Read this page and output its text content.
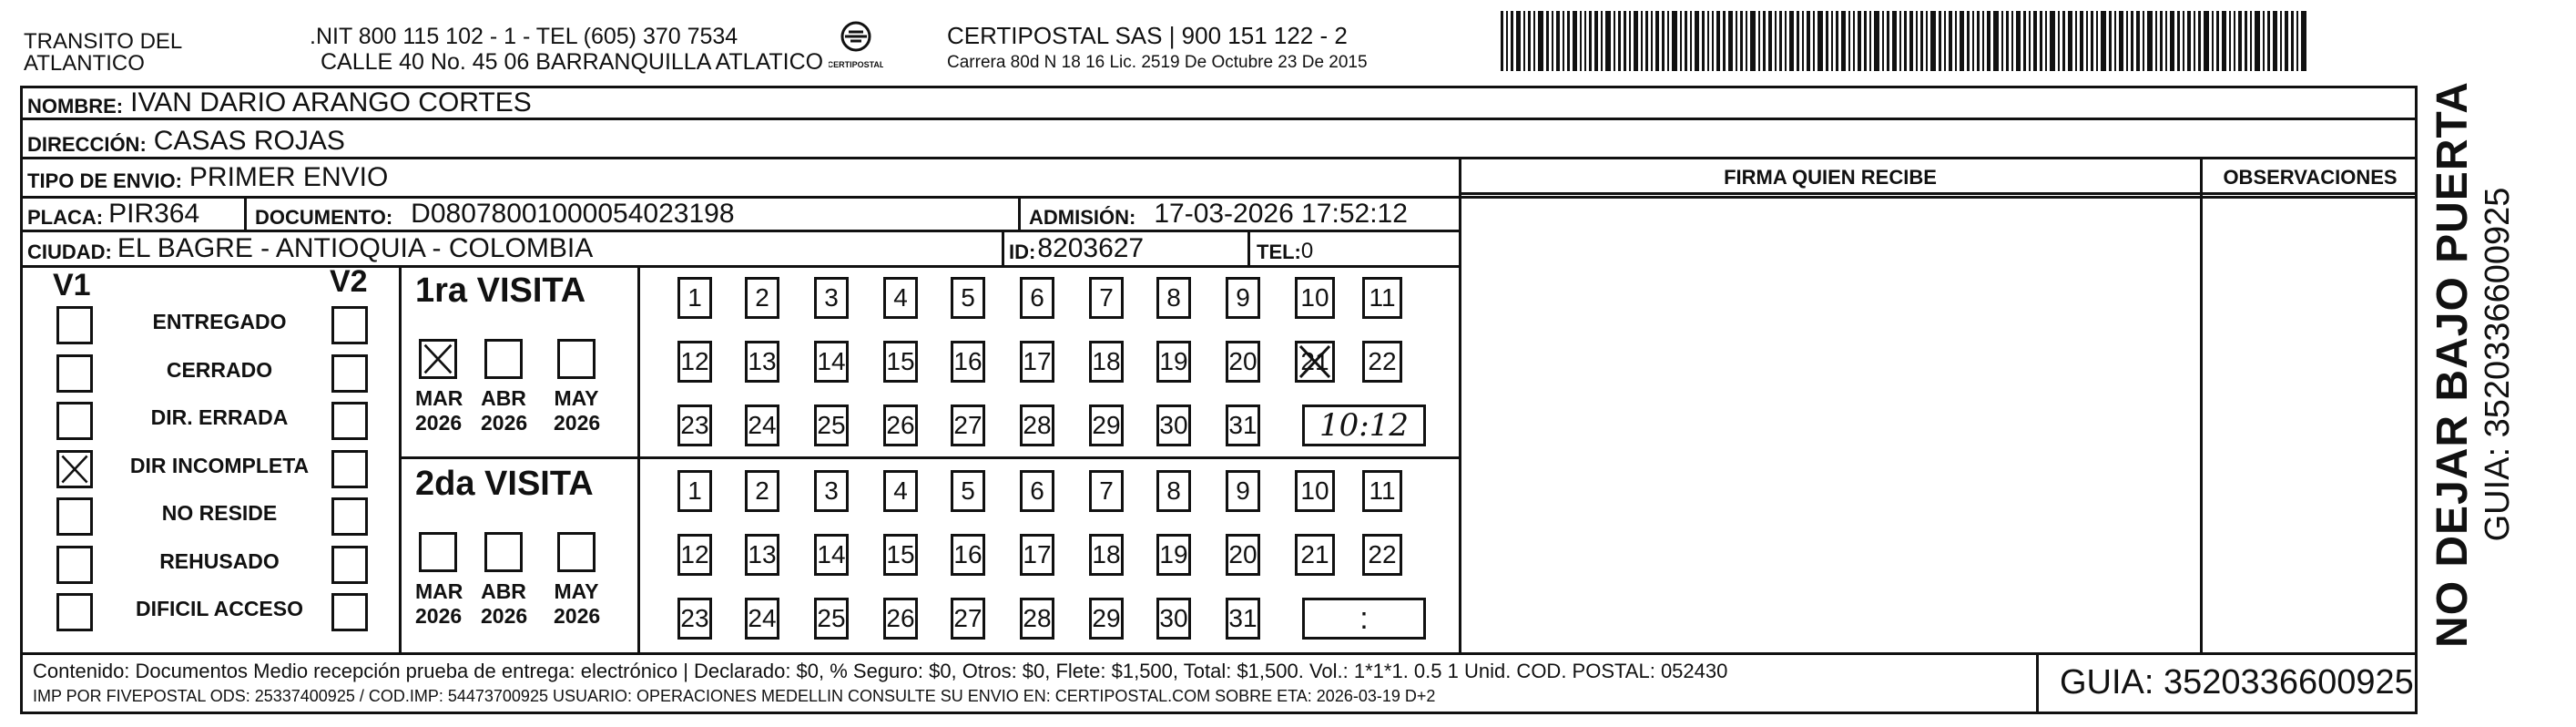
TRANSITO DEL
ATLANTICO
.NIT 800 115 102 - 1 - TEL (605) 370 7534
CALLE 40 No. 45 06 BARRANQUILLA ATLATICO CERTIPOSTAL
CERTIPOSTAL SAS | 900 151 122 - 2
Carrera 80d N 18 16 Lic. 2519 De Octubre 23 De 2015
NOMBRE: IVAN DARIO ARANGO CORTES
DIRECCIÓN: CASAS ROJAS
TIPO DE ENVIO: PRIMER ENVIO
PLACA: PIR364	DOCUMENTO: D08078001000054023198	ADMISIÓN: 17-03-2026 17:52:12
CIUDAD: EL BAGRE - ANTIOQUIA - COLOMBIA	ID: 8203627	TEL: 0
FIRMA QUIEN RECIBE	OBSERVACIONES NO DEJAR BAJO PUERTA GUIA: 3520336600925
V1	V2
ENTREGADO
CERRADO
DIR. ERRADA
DIR INCOMPLETA
NO RESIDE
REHUSADO
DIFICIL ACCESO
1ra VISITA
MAR
2026
ABR
2026
MAY
2026
1	2	3	4	5	6	7	8	9	10 11
12 13 14 15 16 17 18 19 20 21 22
23 24 25 26 27 28 29 30 31	10:12
2da VISITA
MAR
2026
ABR
2026
MAY
2026
1	2	3	4	5	6	7	8	9	10 11
12 13 14 15 16 17 18 19 20 21 22
23 24 25 26 27 28 29 30 31	:
Contenido: Documentos Medio recepción prueba de entrega: electrónico | Declarado: $0, % Seguro: $0, Otros: $0, Flete: $1,500, Total: $1,500. Vol.: 1*1*1. 0.5 1 Unid. COD. POSTAL: 052430
IMP POR FIVEPOSTAL ODS: 25337400925 / COD.IMP: 54473700925 USUARIO: OPERACIONES MEDELLIN CONSULTE SU ENVIO EN: CERTIPOSTAL.COM SOBRE ETA: 2026-03-19 D+2	GUIA: 3520336600925
